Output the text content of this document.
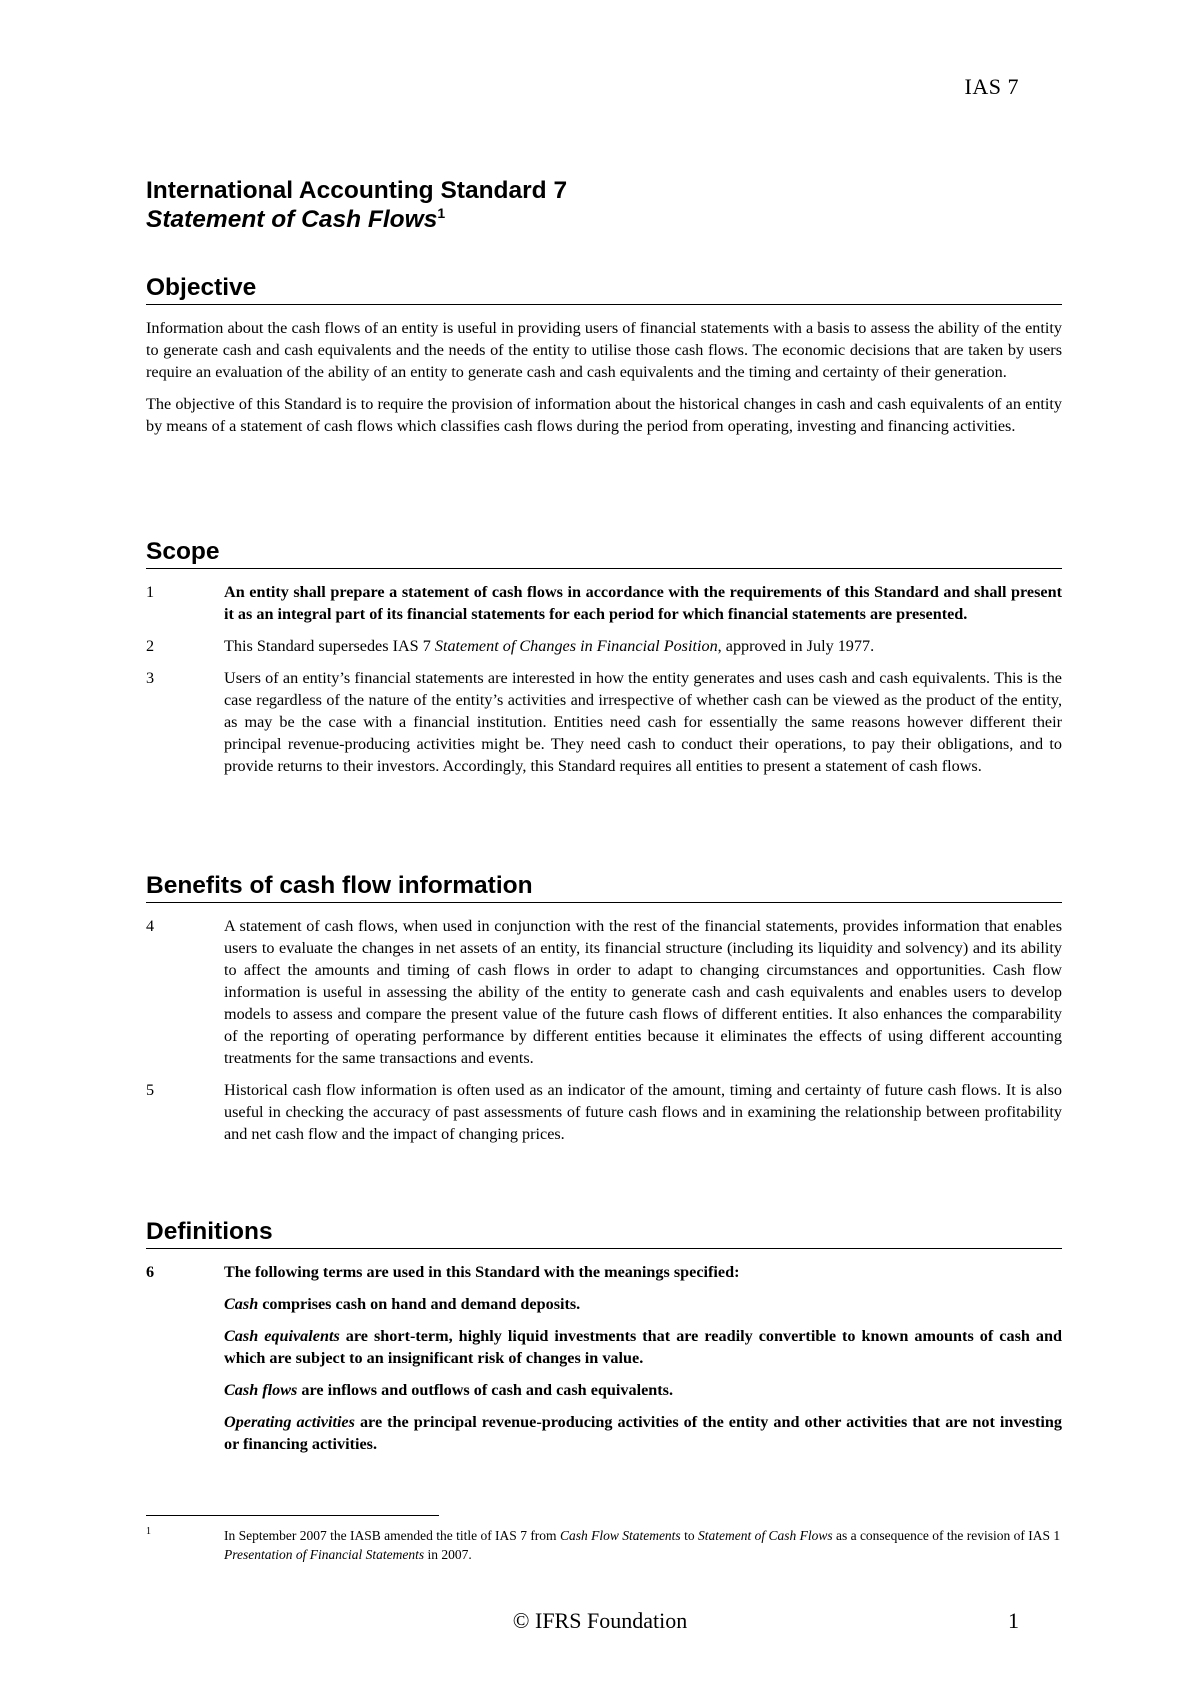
IAS 7

International Accounting Standard 7

Statement of Cash Flows$^1$

Objective

Information about the cash flows of an entity is useful in providing users of financial statements with a basis to assess the ability of the entity to generate cash and cash equivalents and the needs of the entity to utilise those cash flows. The economic decisions that are taken by users require an evaluation of the ability of an entity to generate cash and cash equivalents and the timing and certainty of their generation.

The objective of this Standard is to require the provision of information about the historical changes in cash and cash equivalents of an entity by means of a statement of cash flows which classifies cash flows during the period from operating, investing and financing activities.

Scope
1	An entity shall prepare a statement of cash flows in accordance with the requirements of this Standard and shall present it as an integral part of its financial statements for each period for which financial statements are presented.
2	This Standard supersedes IAS 7 Statement of Changes in Financial Position, approved in July 1977.
3	Users of an entity’s financial statements are interested in how the entity generates and uses cash and cash equivalents. This is the case regardless of the nature of the entity’s activities and irrespective of whether cash can be viewed as the product of the entity, as may be the case with a financial institution. Entities need cash for essentially the same reasons however different their principal revenue‑producing activities might be. They need cash to conduct their operations, to pay their obligations, and to provide returns to their investors. Accordingly, this Standard requires all entities to present a statement of cash flows.
Benefits of cash flow information
4	A statement of cash flows, when used in conjunction with the rest of the financial statements, provides information that enables users to evaluate the changes in net assets of an entity, its financial structure (including its liquidity and solvency) and its ability to affect the amounts and timing of cash flows in order to adapt to changing circumstances and opportunities. Cash flow information is useful in assessing the ability of the entity to generate cash and cash equivalents and enables users to develop models to assess and compare the present value of the future cash flows of different entities. It also enhances the comparability of the reporting of operating performance by different entities because it eliminates the effects of using different accounting treatments for the same transactions and events.
5	Historical cash flow information is often used as an indicator of the amount, timing and certainty of future cash flows. It is also useful in checking the accuracy of past assessments of future cash flows and in examining the relationship between profitability and net cash flow and the impact of changing prices.
Definitions
6	The following terms are used in this Standard with the meanings specified:

Cash comprises cash on hand and demand deposits.

Cash equivalents are short‑term, highly liquid investments that are readily convertible to known amounts of cash and which are subject to an insignificant risk of changes in value.

Cash flows are inflows and outflows of cash and cash equivalents.

Operating activities are the principal revenue‑producing activities of the entity and other activities that are not investing or financing activities.

1	In September 2007 the IASB amended the title of IAS 7 from Cash Flow Statements to Statement of Cash Flows as a consequence of the revision of IAS 1 Presentation of Financial Statements in 2007.
© IFRS Foundation	1
